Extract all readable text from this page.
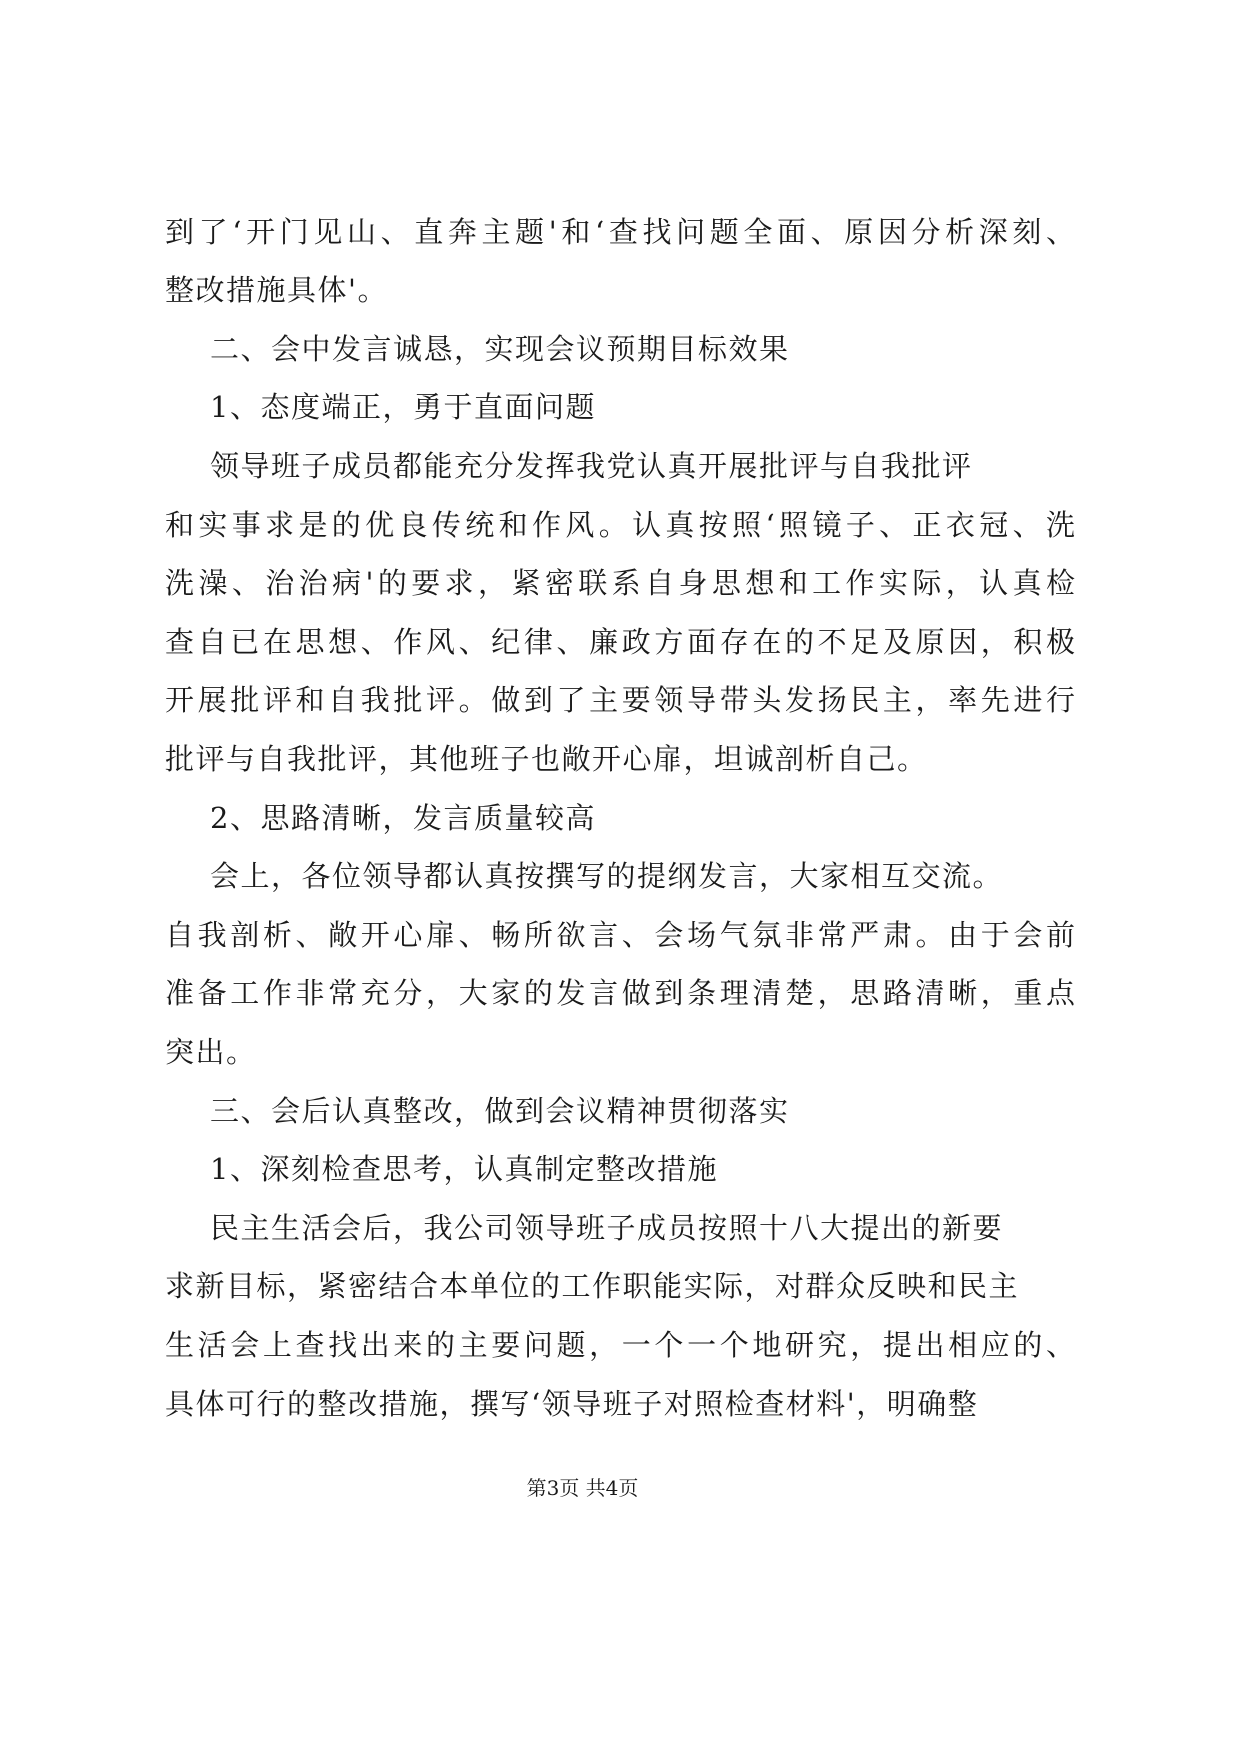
到了‘开门见山、直奔主题'和‘查找问题全面、原因分析深刻、
整改措施具体'。
二、会中发言诚恳，实现会议预期目标效果
1、态度端正，勇于直面问题
领导班子成员都能充分发挥我党认真开展批评与自我批评
和实事求是的优良传统和作风。认真按照‘照镜子、正衣冠、洗
洗澡、治治病'的要求，紧密联系自身思想和工作实际，认真检
查自已在思想、作风、纪律、廉政方面存在的不足及原因，积极
开展批评和自我批评。做到了主要领导带头发扬民主，率先进行
批评与自我批评，其他班子也敞开心扉，坦诚剖析自己。
2、思路清晰，发言质量较高
会上，各位领导都认真按撰写的提纲发言，大家相互交流。
自我剖析、敞开心扉、畅所欲言、会场气氛非常严肃。由于会前
准备工作非常充分，大家的发言做到条理清楚，思路清晰，重点
突出。
三、会后认真整改，做到会议精神贯彻落实
1、深刻检查思考，认真制定整改措施
民主生活会后，我公司领导班子成员按照十八大提出的新要
求新目标，紧密结合本单位的工作职能实际，对群众反映和民主
生活会上查找出来的主要问题，一个一个地研究，提出相应的、
具体可行的整改措施，撰写‘领导班子对照检查材料'，明确整
第3页 共4页
